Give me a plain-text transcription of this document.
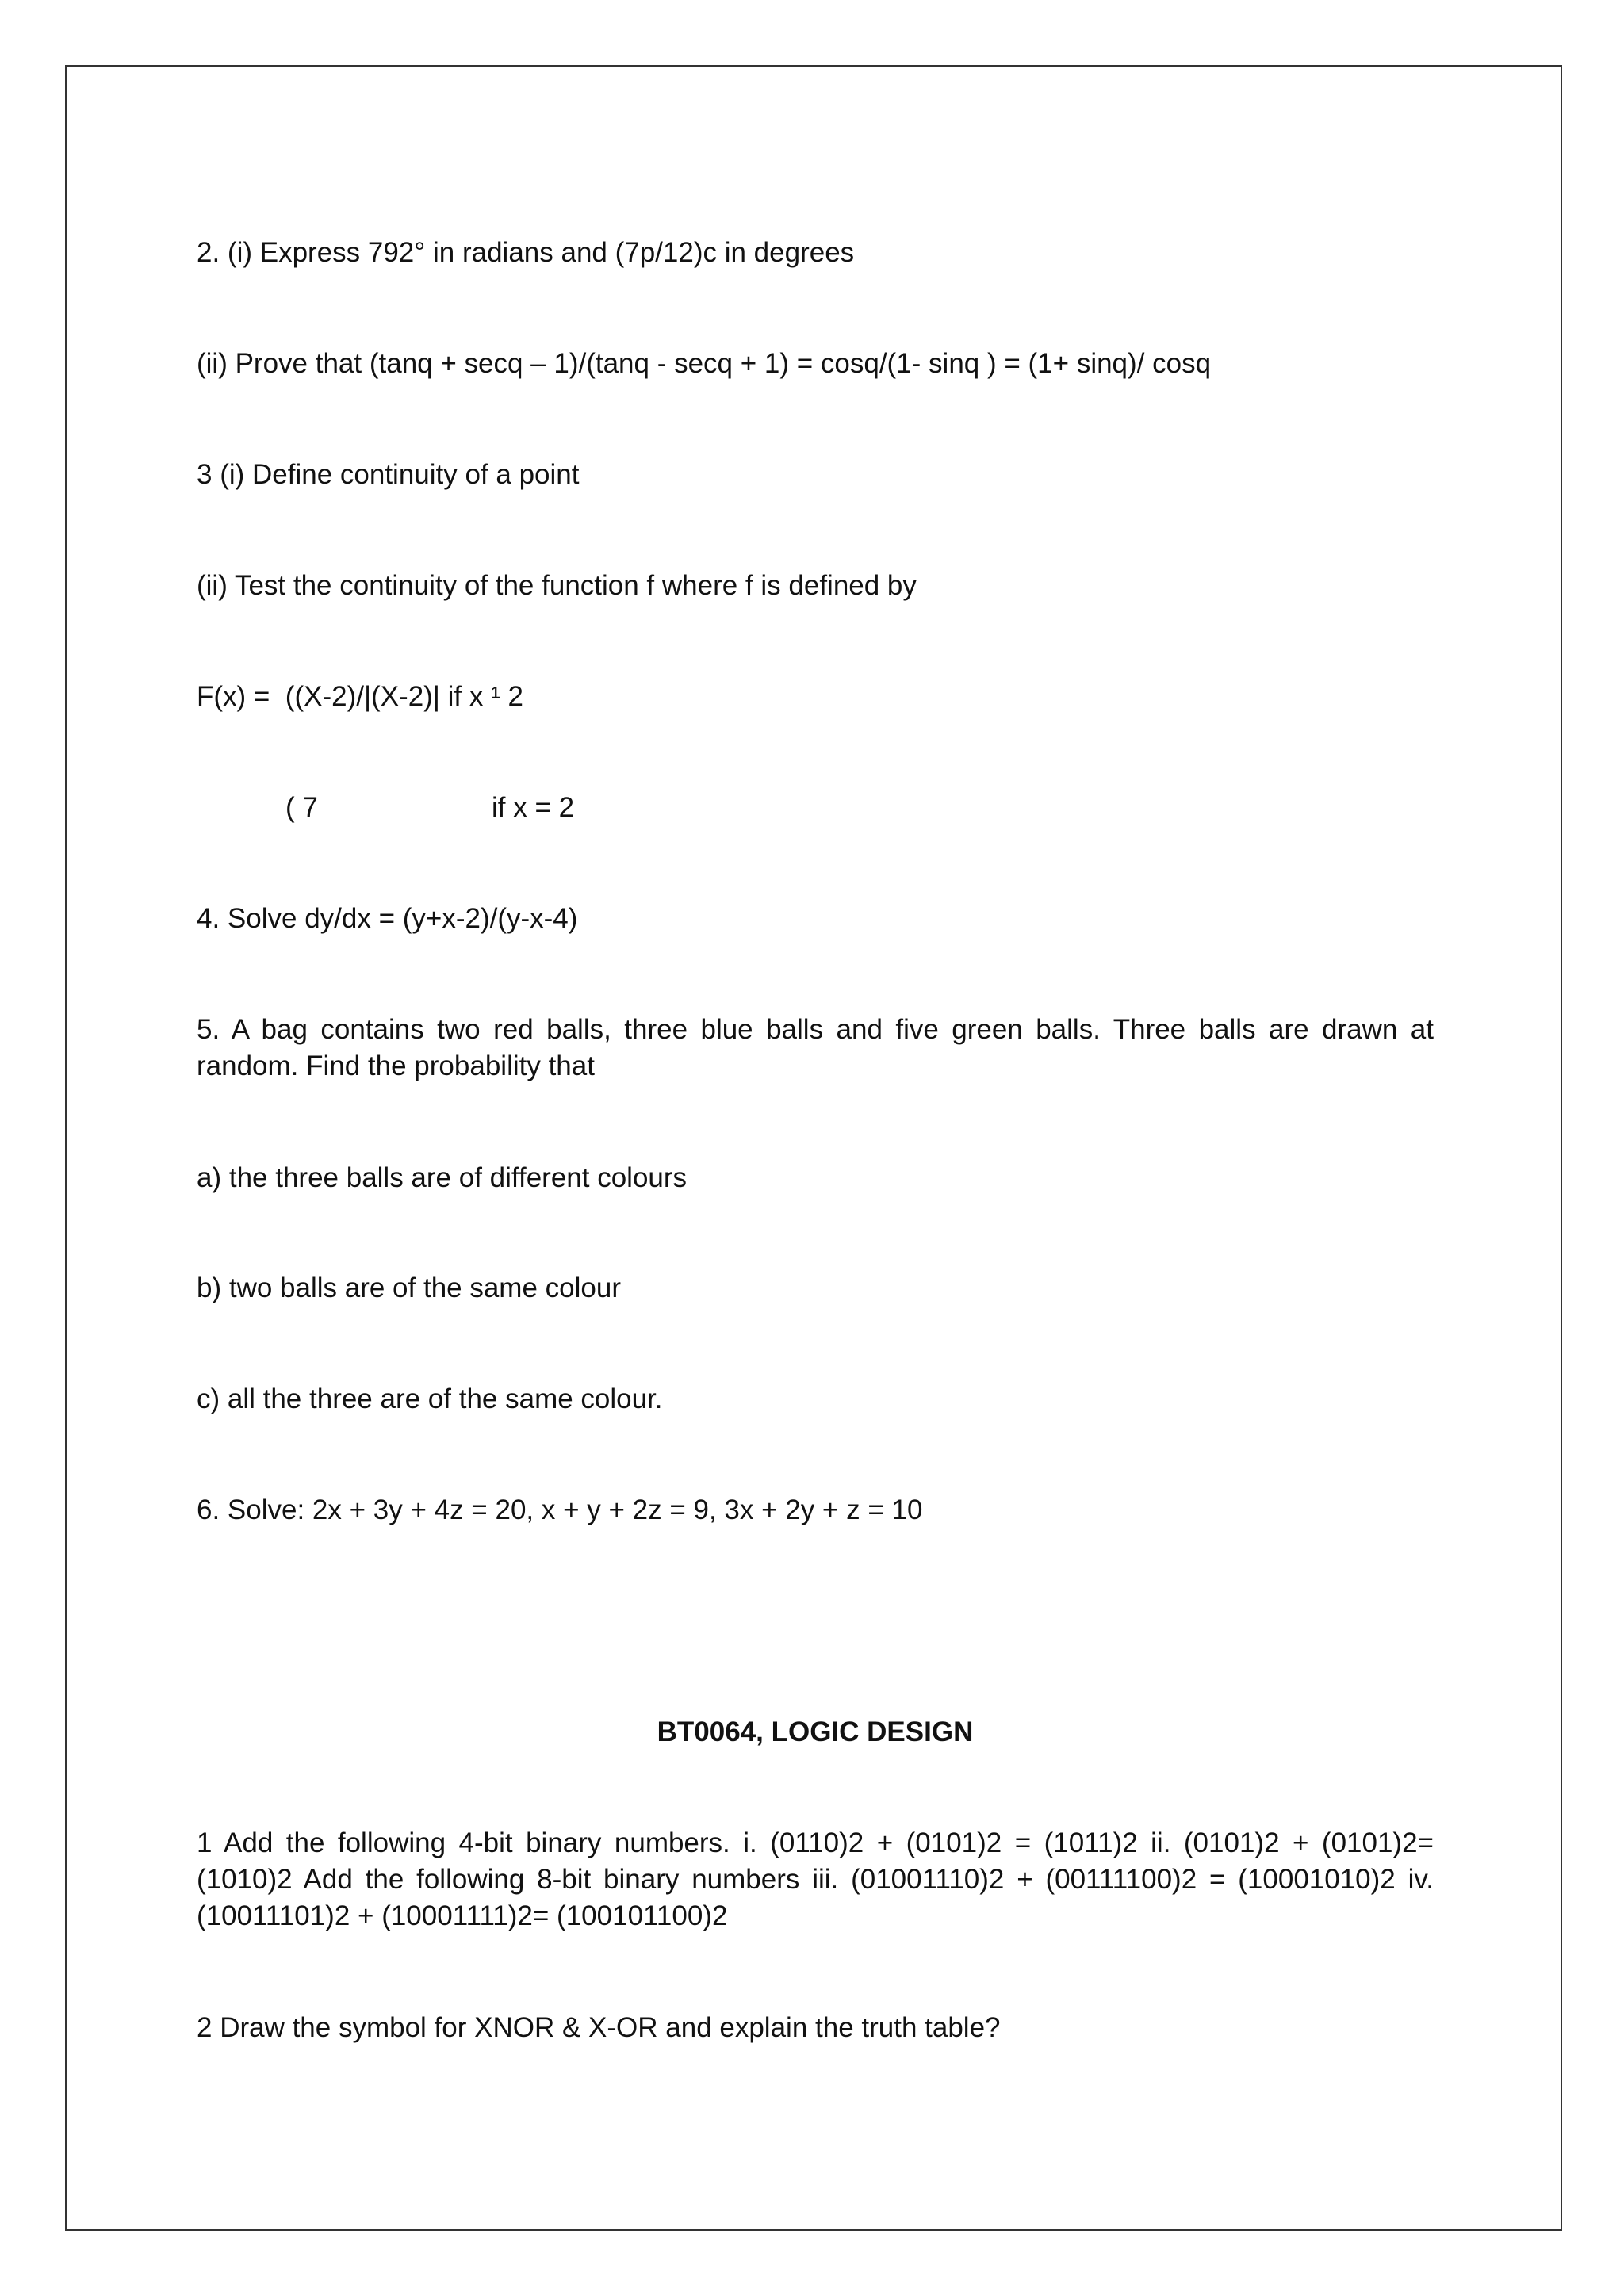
2. (i) Express 792° in radians and (7p/12)c in degrees
(ii) Prove that (tanq + secq – 1)/(tanq - secq + 1) = cosq/(1- sinq ) = (1+ sinq)/ cosq
3 (i) Define continuity of a point
(ii) Test the continuity of the function f where f is defined by
F(x) =  ((X-2)/|(X-2)| if x ¹ 2
( 7	if x = 2
4. Solve dy/dx = (y+x-2)/(y-x-4)
5. A bag contains two red balls, three blue balls and five green balls. Three balls are drawn at random. Find the probability that
a) the three balls are of different colours
b) two balls are of the same colour
c) all the three are of the same colour.
6. Solve: 2x + 3y + 4z = 20, x + y + 2z = 9, 3x + 2y + z = 10
BT0064, LOGIC DESIGN
1 Add the following 4-bit binary numbers. i. (0110)2 + (0101)2 = (1011)2 ii. (0101)2 + (0101)2= (1010)2 Add the following 8-bit binary numbers iii. (01001110)2 + (00111100)2 = (10001010)2 iv. (10011101)2 + (10001111)2= (100101100)2
2 Draw the symbol for XNOR & X-OR and explain the truth table?
